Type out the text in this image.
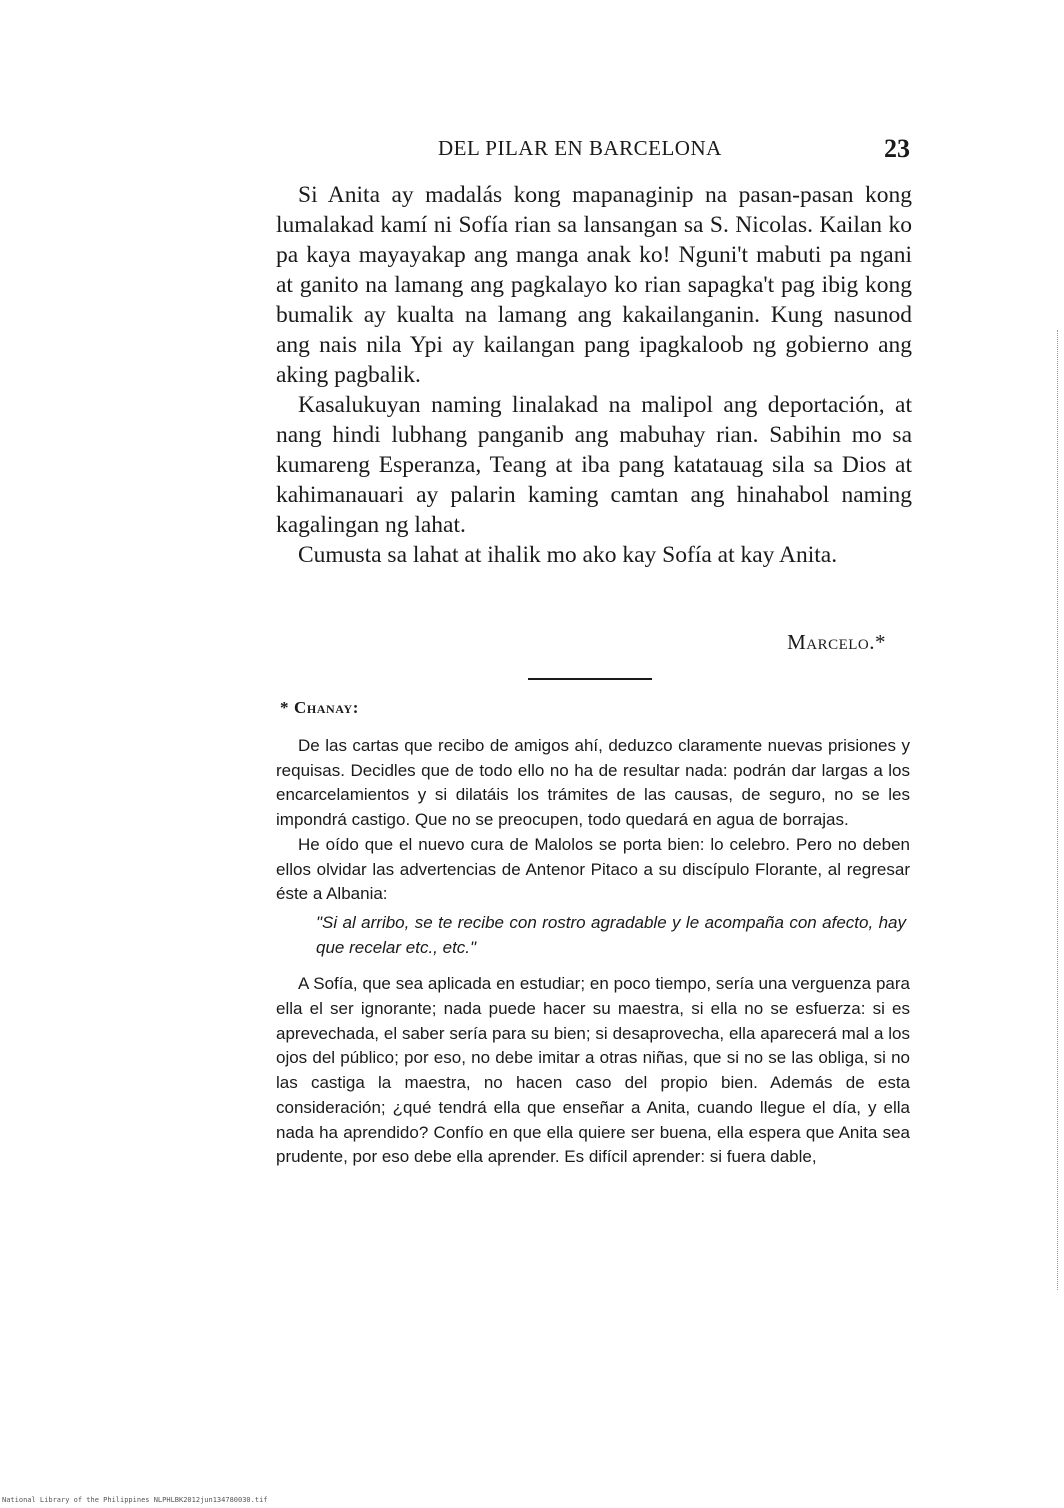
DEL PILAR EN BARCELONA	23

Si Anita ay madalás kong mapanaginip na pasan-pasan kong lumalakad kamí ni Sofía rian sa lansangan sa S. Nicolas. Kailan ko pa kaya mayayakap ang manga anak ko! Nguni't mabuti pa ngani at ganito na lamang ang pagkalayo ko rian sapagka't pag ibig kong bumalik ay kualta na lamang ang kakailanganin. Kung nasunod ang nais nila Ypi ay kailangan pang ipagkaloob ng gobierno ang aking pagbalik.

Kasalukuyan naming linalakad na malipol ang deportación, at nang hindi lubhang panganib ang mabuhay rian. Sabihin mo sa kumareng Esperanza, Teang at iba pang katatauag sila sa Dios at kahimanauari ay palarin kaming camtan ang hinahabol naming kagalingan ng lahat.

Cumusta sa lahat at ihalik mo ako kay Sofía at kay Anita.

Marcelo.*
* Chanay:

De las cartas que recibo de amigos ahí, deduzco claramente nuevas prisiones y requisas. Decidles que de todo ello no ha de resultar nada: podrán dar largas a los encarcelamientos y si dilatáis los trámites de las causas, de seguro, no se les impondrá castigo. Que no se preocupen, todo quedará en agua de borrajas.

He oído que el nuevo cura de Malolos se porta bien: lo celebro. Pero no deben ellos olvidar las advertencias de Antenor Pitaco a su discípulo Florante, al regresar éste a Albania:

"Si al arribo, se te recibe con rostro agradable y le acompaña con afecto, hay que recelar etc., etc."

A Sofía, que sea aplicada en estudiar; en poco tiempo, sería una verguenza para ella el ser ignorante; nada puede hacer su maestra, si ella no se esfuerza: si es aprevechada, el saber sería para su bien; si desaprovecha, ella aparecerá mal a los ojos del público; por eso, no debe imitar a otras niñas, que si no se las obliga, si no las castiga la maestra, no hacen caso del propio bien. Además de esta consideración; ¿qué tendrá ella que enseñar a Anita, cuando llegue el día, y ella nada ha aprendido? Confío en que ella quiere ser buena, ella espera que Anita sea prudente, por eso debe ella aprender. Es difícil aprender: si fuera dable,

National Library of the Philippines NLPHLBK2012jun134780030.tif
